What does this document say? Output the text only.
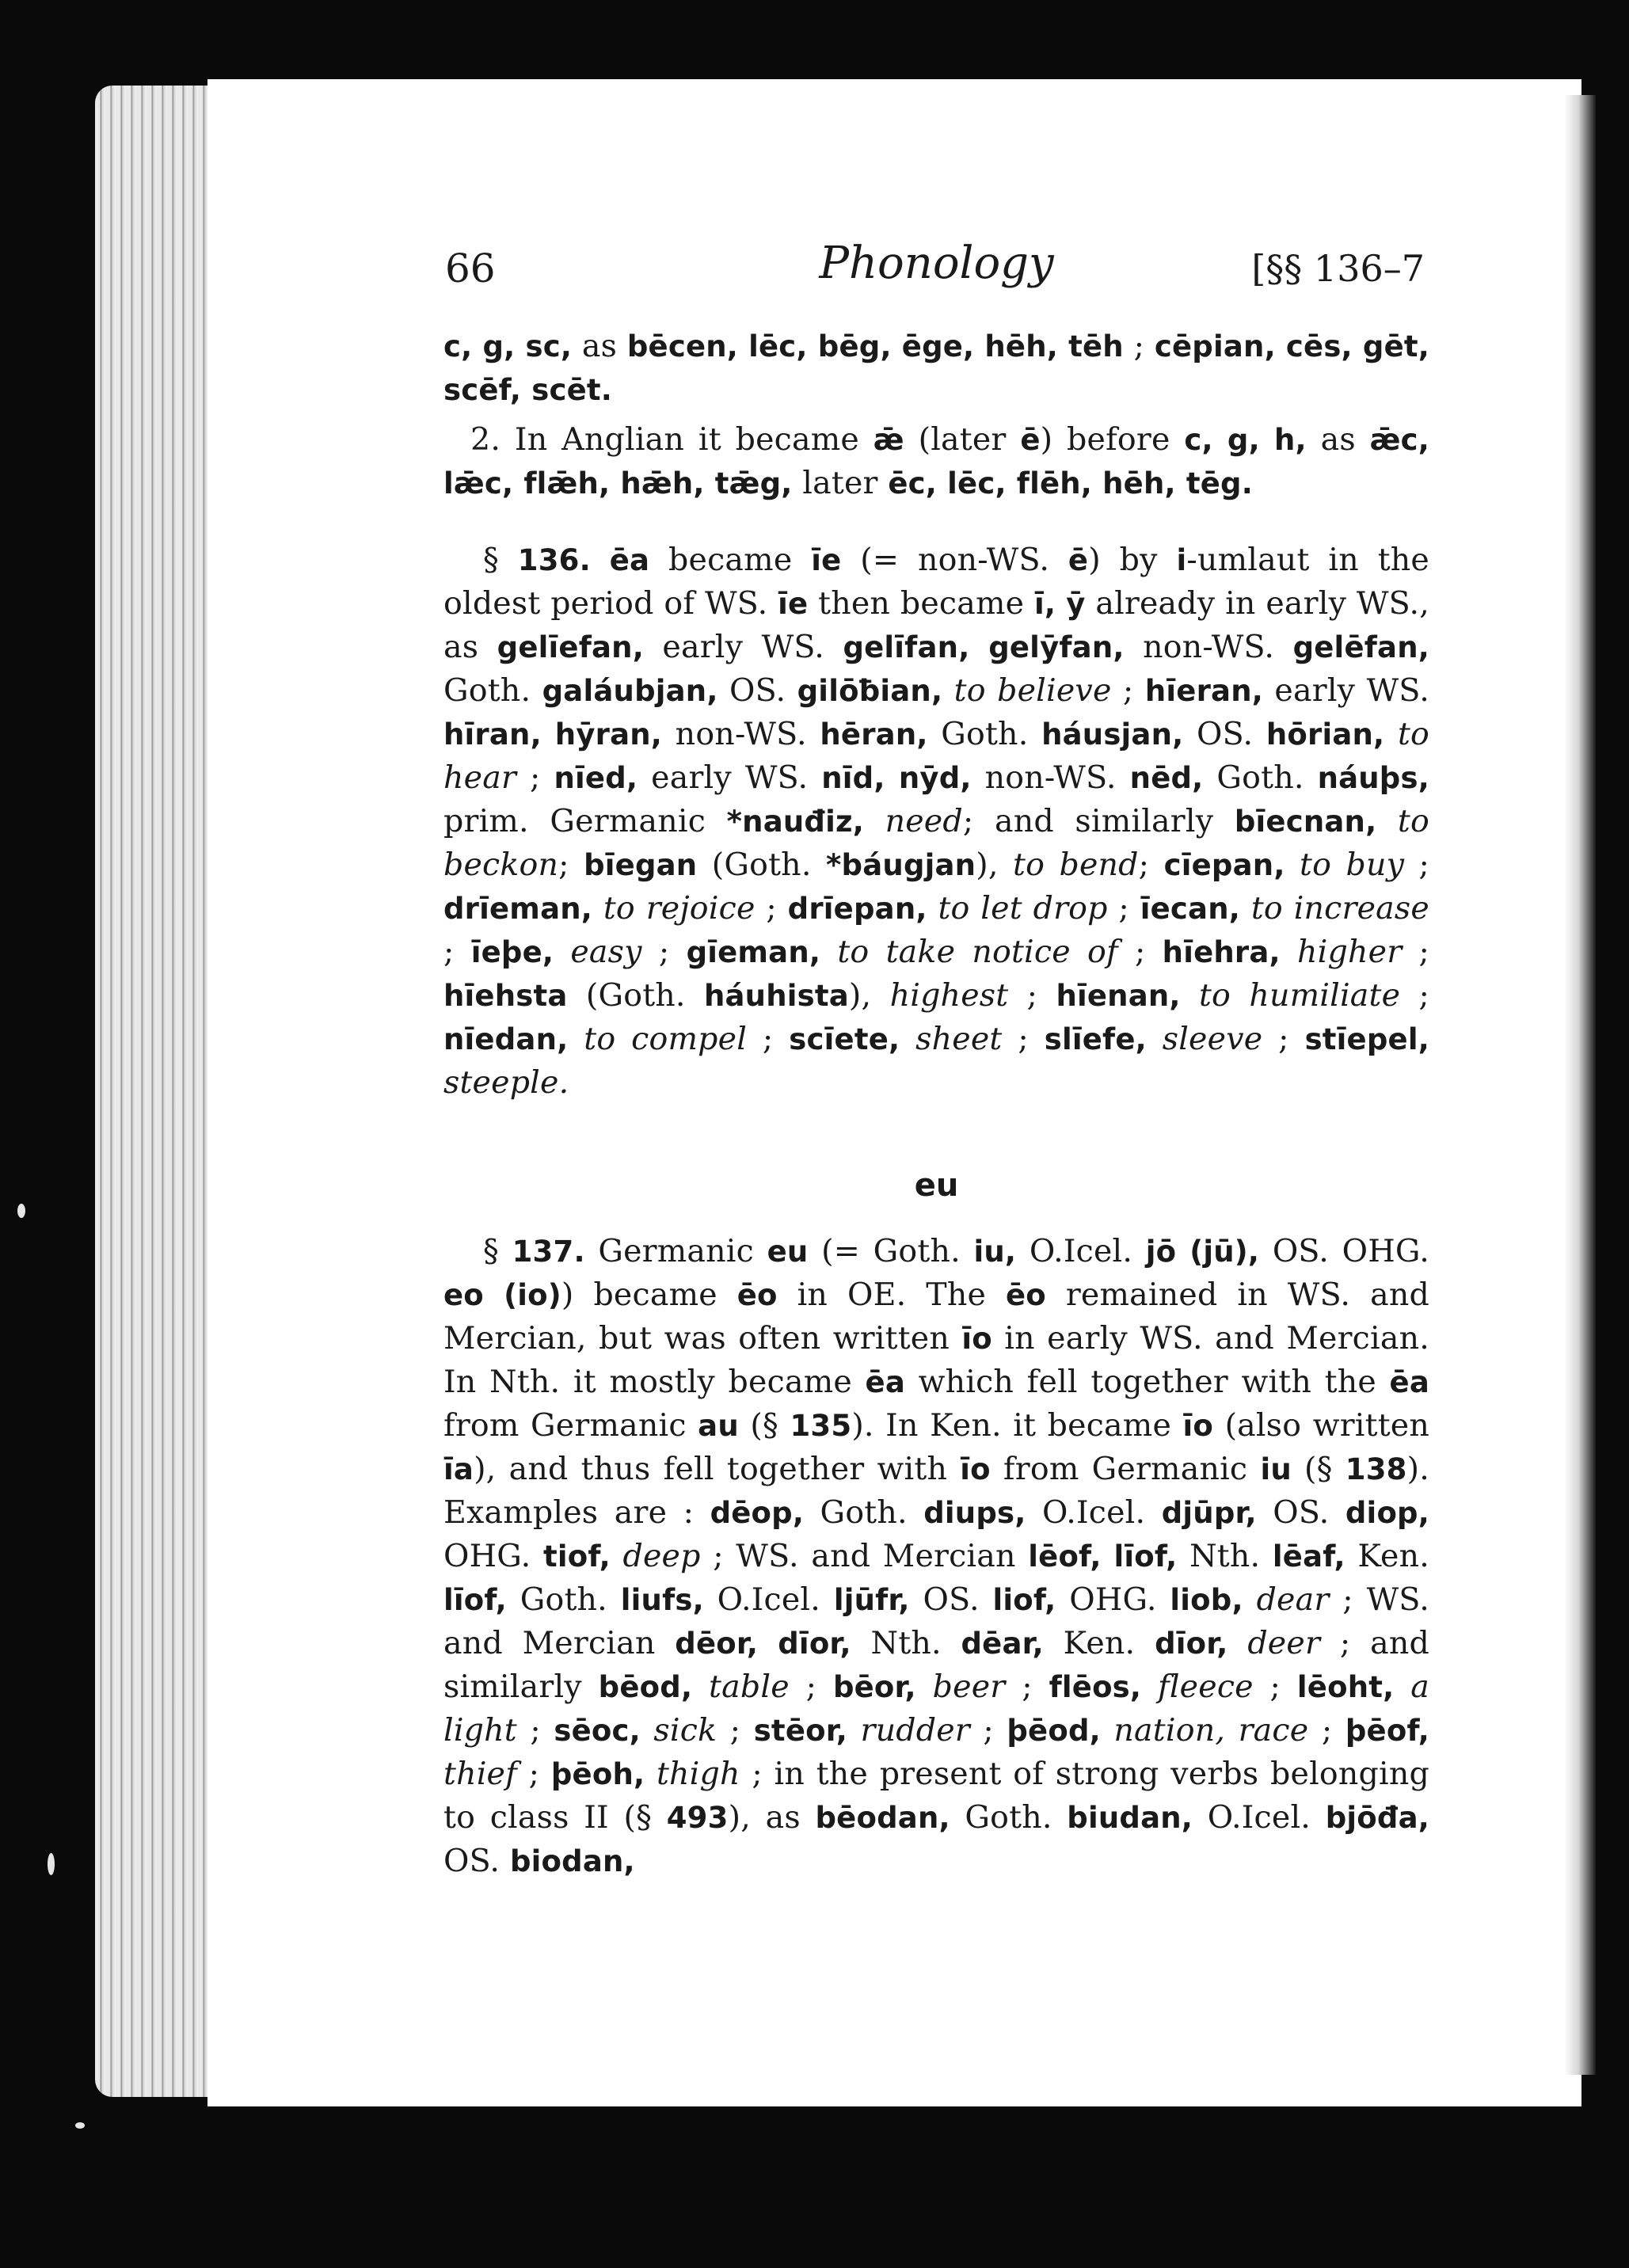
66	Phonology	[§§ 136–7

c, g, sc, as bēcen, lēc, bēg, ēge, hēh, tēh ; cēpian, cēs, gēt, scēf, scēt.

2. In Anglian it became ǣ (later ē) before c, g, h, as ǣc, lǣc, flǣh, hǣh, tǣg, later ēc, lēc, flēh, hēh, tēg.

§ 136. ēa became īe (= non-WS. ē) by i-umlaut in the oldest period of WS. īe then became ī, ȳ already in early WS., as gelīefan, early WS. gelīfan, gelȳfan, non-WS. gelēfan, Goth. galáubjan, OS. gilōƀian, to believe ; hīeran, early WS. hīran, hȳran, non-WS. hēran, Goth. háusjan, OS. hōrian, to hear ; nīed, early WS. nīd, nȳd, non-WS. nēd, Goth. náuþs, prim. Germanic *nauđiz, need; and similarly bīecnan, to beckon; bīegan (Goth. *báugjan), to bend; cīepan, to buy ; drīeman, to rejoice ; drīepan, to let drop ; īecan, to increase ; īeþe, easy ; gīeman, to take notice of ; hīehra, higher ; hīehsta (Goth. háuhista), highest ; hīenan, to humiliate ; nīedan, to compel ; scīete, sheet ; slīefe, sleeve ; stīepel, steeple.

eu

§ 137. Germanic eu (= Goth. iu, O.Icel. jō (jū), OS. OHG. eo (io)) became ēo in OE. The ēo remained in WS. and Mercian, but was often written īo in early WS. and Mercian. In Nth. it mostly became ēa which fell together with the ēa from Germanic au (§ 135). In Ken. it became īo (also written īa), and thus fell together with īo from Germanic iu (§ 138). Examples are : dēop, Goth. diups, O.Icel. djūpr, OS. diop, OHG. tiof, deep ; WS. and Mercian lēof, līof, Nth. lēaf, Ken. līof, Goth. liufs, O.Icel. ljūfr, OS. liof, OHG. liob, dear ; WS. and Mercian dēor, dīor, Nth. dēar, Ken. dīor, deer ; and similarly bēod, table ; bēor, beer ; flēos, fleece ; lēoht, a light ; sēoc, sick ; stēor, rudder ; þēod, nation, race ; þēof, thief ; þēoh, thigh ; in the present of strong verbs belonging to class II (§ 493), as bēodan, Goth. biudan, O.Icel. bjōđa, OS. biodan,
